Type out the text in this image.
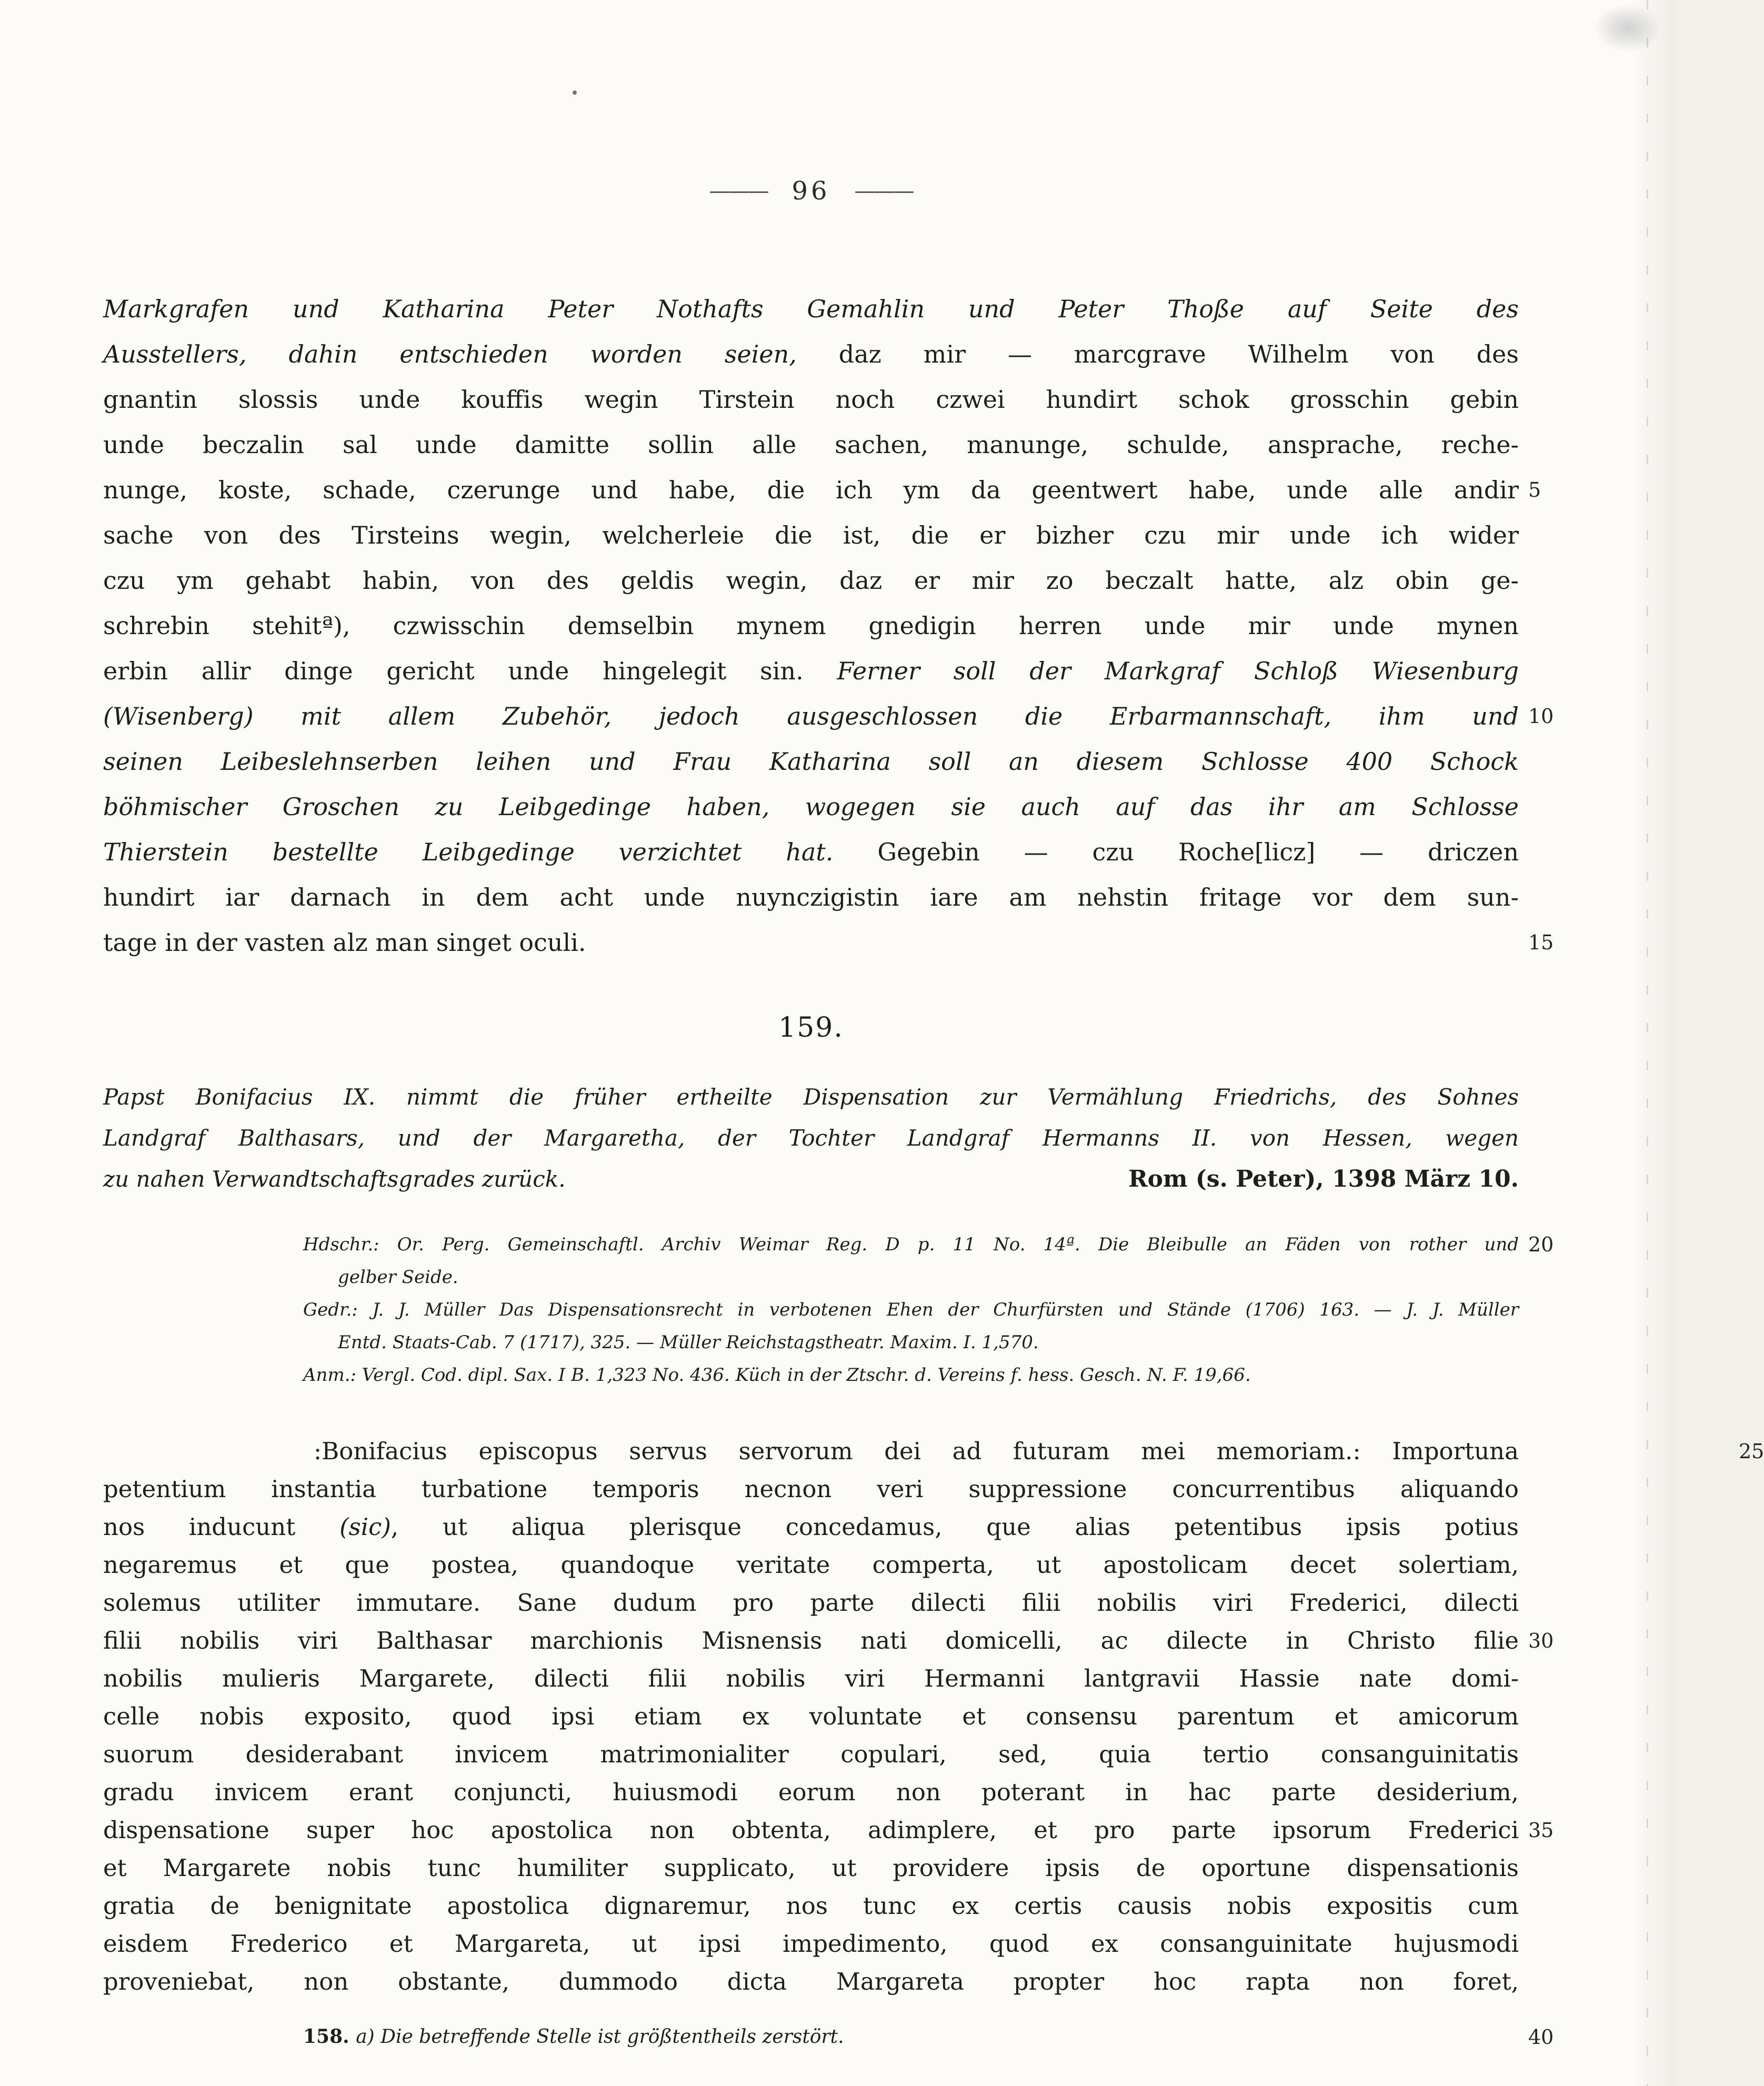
——— 96 ———
Markgrafen und Katharina Peter Nothafts Gemahlin und Peter Thoße auf Seite des
Ausstellers, dahin entschieden worden seien, daz mir — marcgrave Wilhelm von des
gnantin slossis unde kouffis wegin Tirstein noch czwei hundirt schok grosschin gebin
unde beczalin sal unde damitte sollin alle sachen, manunge, schulde, ansprache, reche-
nunge, koste, schade, czerunge und habe, die ich ym da geentwert habe, unde alle andir 5
sache von des Tirsteins wegin, welcherleie die ist, die er bizher czu mir unde ich wider
czu ym gehabt habin, von des geldis wegin, daz er mir zo beczalt hatte, alz obin ge-
schrebin stehitª), czwisschin demselbin mynem gnedigin herren unde mir unde mynen
erbin allir dinge gericht unde hingelegit sin. Ferner soll der Markgraf Schloß Wiesenburg
(Wisenberg) mit allem Zubehör, jedoch ausgeschlossen die Erbarmannschaft, ihm und 10
seinen Leibeslehnserben leihen und Frau Katharina soll an diesem Schlosse 400 Schock
böhmischer Groschen zu Leibgedinge haben, wogegen sie auch auf das ihr am Schlosse
Thierstein bestellte Leibgedinge verzichtet hat. Gegebin — czu Roche[licz] — driczen
hundirt iar darnach in dem acht unde nuynczigistin iare am nehstin fritage vor dem sun-
tage in der vasten alz man singet oculi.	15
159.
Papst Bonifacius IX. nimmt die früher ertheilte Dispensation zur Vermählung Friedrichs, des Sohnes
Landgraf Balthasars, und der Margaretha, der Tochter Landgraf Hermanns II. von Hessen, wegen
zu nahen Verwandtschaftsgrades zurück.	Rom (s. Peter), 1398 März 10.
Hdschr.: Or. Perg. Gemeinschaftl. Archiv Weimar Reg. D p. 11 No. 14ª. Die Bleibulle an Fäden von rother und 20
gelber Seide.
Gedr.: J. J. Müller Das Dispensationsrecht in verbotenen Ehen der Churfürsten und Stände (1706) 163. — J. J. Müller
Entd. Staats-Cab. 7 (1717), 325. — Müller Reichstagstheatr. Maxim. I. 1,570.
Anm.: Vergl. Cod. dipl. Sax. I B. 1,323 No. 436. Küch in der Ztschr. d. Vereins f. hess. Gesch. N. F. 19,66.
:Bonifacius episcopus servus servorum dei ad futuram mei memoriam.: Importuna	25
petentium instantia turbatione temporis necnon veri suppressione concurrentibus aliquando
nos inducunt (sic), ut aliqua plerisque concedamus, que alias petentibus ipsis potius
negaremus et que postea, quandoque veritate comperta, ut apostolicam decet solertiam,
solemus utiliter immutare. Sane dudum pro parte dilecti filii nobilis viri Frederici, dilecti
filii nobilis viri Balthasar marchionis Misnensis nati domicelli, ac dilecte in Christo filie 30
nobilis mulieris Margarete, dilecti filii nobilis viri Hermanni lantgravii Hassie nate domi-
celle nobis exposito, quod ipsi etiam ex voluntate et consensu parentum et amicorum
suorum desiderabant invicem matrimonialiter copulari, sed, quia tertio consanguinitatis
gradu invicem erant conjuncti, huiusmodi eorum non poterant in hac parte desiderium,
dispensatione super hoc apostolica non obtenta, adimplere, et pro parte ipsorum Frederici 35
et Margarete nobis tunc humiliter supplicato, ut providere ipsis de oportune dispensationis
gratia de benignitate apostolica dignaremur, nos tunc ex certis causis nobis expositis cum
eisdem Frederico et Margareta, ut ipsi impedimento, quod ex consanguinitate hujusmodi
proveniebat, non obstante, dummodo dicta Margareta propter hoc rapta non foret,
158. a) Die betreffende Stelle ist größtentheils zerstört.	40
